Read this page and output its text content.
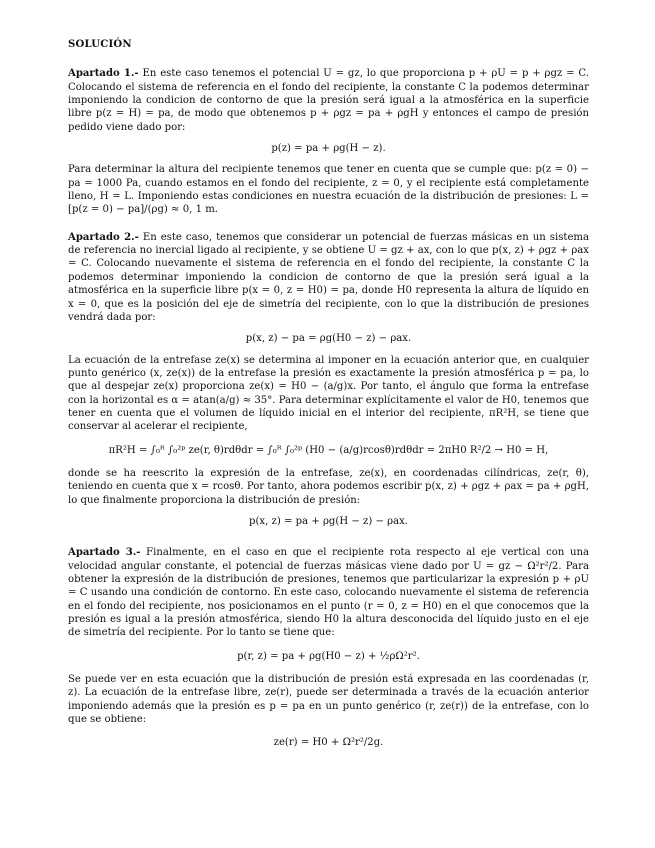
SOLUCIÓN

Apartado 1.- En este caso tenemos el potencial U = gz, lo que proporciona p + ρU = p + ρgz = C. Colocando el sistema de referencia en el fondo del recipiente, la constante C la podemos determinar imponiendo la condicion de contorno de que la presión será igual a la atmosférica en la superficie libre p(z = H) = pa, de modo que obtenemos p + ρgz = pa + ρgH y entonces el campo de presión pedido viene dado por:

p(z) = pa + ρg(H − z).

Para determinar la altura del recipiente tenemos que tener en cuenta que se cumple que: p(z = 0) − pa = 1000 Pa, cuando estamos en el fondo del recipiente, z = 0, y el recipiente está completamente lleno, H = L. Imponiendo estas condiciones en nuestra ecuación de la distribución de presiones: L = [p(z = 0) − pa]/(ρg) ≈ 0, 1 m.

Apartado 2.- En este caso, tenemos que considerar un potencial de fuerzas másicas en un sistema de referencia no inercial ligado al recipiente, y se obtiene U = gz + ax, con lo que p(x, z) + ρgz + ρax = C. Colocando nuevamente el sistema de referencia en el fondo del recipiente, la constante C la podemos determinar imponiendo la condicion de contorno de que la presión será igual a la atmosférica en la superficie libre p(x = 0, z = H0) = pa, donde H0 representa la altura de líquido en x = 0, que es la posición del eje de simetría del recipiente, con lo que la distribución de presiones vendrá dada por:

p(x, z) − pa = ρg(H0 − z) − ρax.

La ecuación de la entrefase ze(x) se determina al imponer en la ecuación anterior que, en cualquier punto genérico (x, ze(x)) de la entrefase la presión es exactamente la presión atmosférica p = pa, lo que al despejar ze(x) proporciona ze(x) = H0 − (a/g)x. Por tanto, el ángulo que forma la entrefase con la horizontal es α = atan(a/g) ≈ 35°. Para determinar explícitamente el valor de H0, tenemos que tener en cuenta que el volumen de líquido inicial en el interior del recipiente, πR²H, se tiene que conservar al acelerar el recipiente,

πR²H = ∫₀ᴿ ∫₀²ᵖ ze(r, θ)rdθdr = ∫₀ᴿ ∫₀²ᵖ (H0 − (a/g)rcosθ)rdθdr = 2πH0 R²/2 → H0 = H,

donde se ha reescrito la expresión de la entrefase, ze(x), en coordenadas cilíndricas, ze(r, θ), teniendo en cuenta que x = rcosθ. Por tanto, ahora podemos escribir p(x, z) + ρgz + ρax = pa + ρgH, lo que finalmente proporciona la distribución de presión:

p(x, z) = pa + ρg(H − z) − ρax.

Apartado 3.- Finalmente, en el caso en que el recipiente rota respecto al eje vertical con una velocidad angular constante, el potencial de fuerzas másicas viene dado por U = gz − Ω²r²/2. Para obtener la expresión de la distribución de presiones, tenemos que particularizar la expresión p + ρU = C usando una condición de contorno. En este caso, colocando nuevamente el sistema de referencia en el fondo del recipiente, nos posicionamos en el punto (r = 0, z = H0) en el que conocemos que la presión es igual a la presión atmosférica, siendo H0 la altura desconocida del líquido justo en el eje de simetría del recipiente. Por lo tanto se tiene que:

p(r, z) = pa + ρg(H0 − z) + ½ρΩ²r².

Se puede ver en esta ecuación que la distribución de presión está expresada en las coordenadas (r, z). La ecuación de la entrefase libre, ze(r), puede ser determinada a través de la ecuación anterior imponiendo además que la presión es p = pa en un punto genérico (r, ze(r)) de la entrefase, con lo que se obtiene:

ze(r) = H0 + Ω²r²/2g.
